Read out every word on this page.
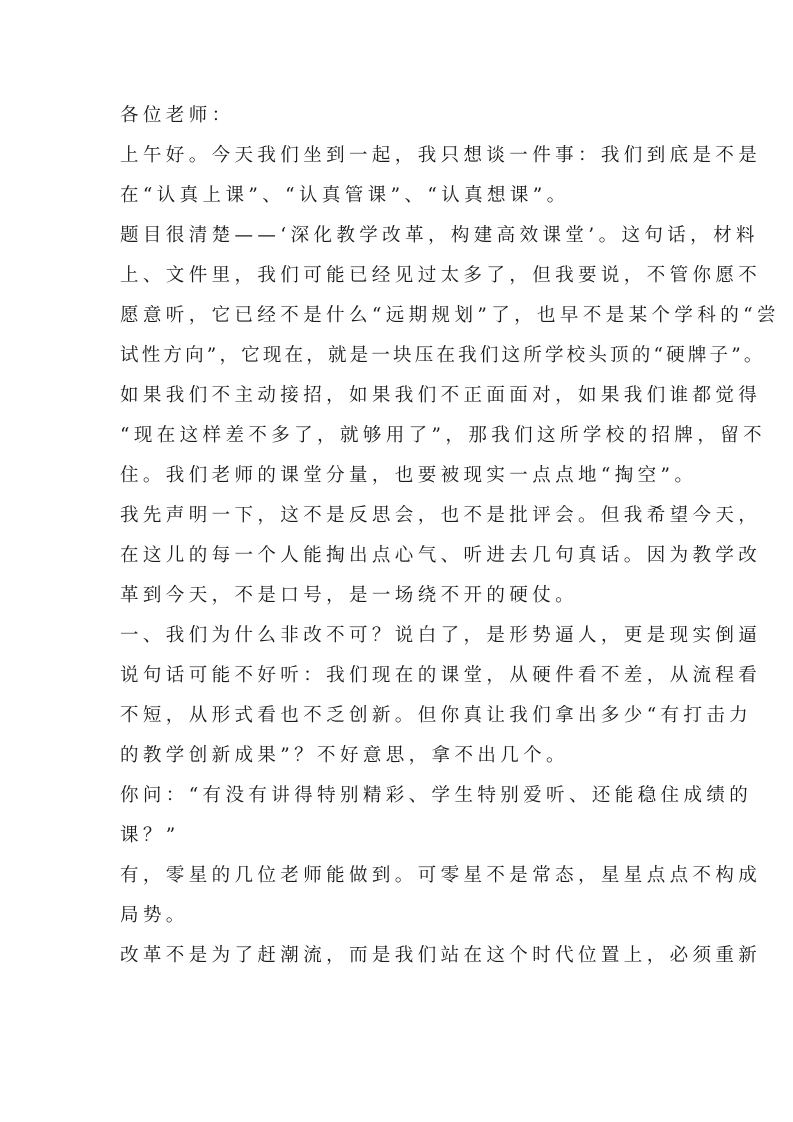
各位老师：
上午好。今天我们坐到一起，我只想谈一件事：我们到底是不是
在“认真上课”、“认真管课”、“认真想课”。
题目很清楚——‘深化教学改革，构建高效课堂’。这句话，材料
上、文件里，我们可能已经见过太多了，但我要说，不管你愿不
愿意听，它已经不是什么“远期规划”了，也早不是某个学科的“尝
试性方向”，它现在，就是一块压在我们这所学校头顶的“硬牌子”。
如果我们不主动接招，如果我们不正面面对，如果我们谁都觉得
“现在这样差不多了，就够用了”，那我们这所学校的招牌，留不
住。我们老师的课堂分量，也要被现实一点点地“掏空”。
我先声明一下，这不是反思会，也不是批评会。但我希望今天，
在这儿的每一个人能掏出点心气、听进去几句真话。因为教学改
革到今天，不是口号，是一场绕不开的硬仗。
一、我们为什么非改不可？说白了，是形势逼人，更是现实倒逼
说句话可能不好听：我们现在的课堂，从硬件看不差，从流程看
不短，从形式看也不乏创新。但你真让我们拿出多少“有打击力
的教学创新成果”？不好意思，拿不出几个。
你问：“有没有讲得特别精彩、学生特别爱听、还能稳住成绩的
课？”
有，零星的几位老师能做到。可零星不是常态，星星点点不构成
局势。
改革不是为了赶潮流，而是我们站在这个时代位置上，必须重新
